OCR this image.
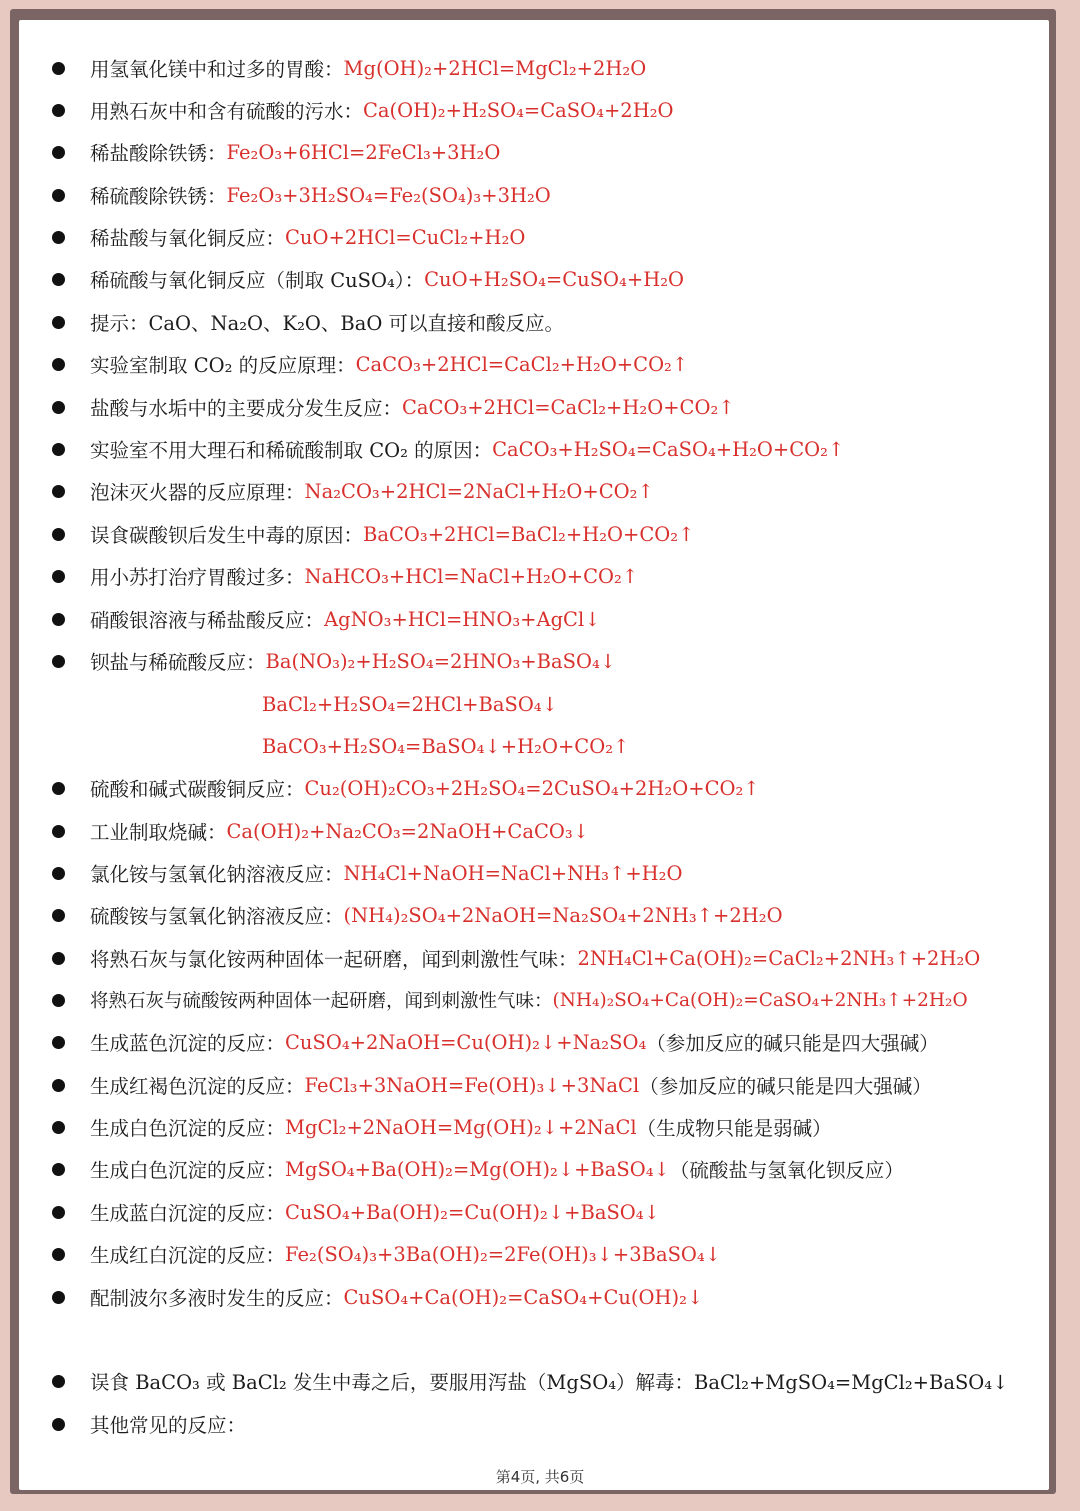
用氢氧化镁中和过多的胃酸： Mg(OH)₂+2HCl=MgCl₂+2H₂O
用熟石灰中和含有硫酸的污水： Ca(OH)₂+H₂SO₄=CaSO₄+2H₂O
稀盐酸除铁锈： Fe₂O₃+6HCl=2FeCl₃+3H₂O
稀硫酸除铁锈： Fe₂O₃+3H₂SO₄=Fe₂(SO₄)₃+3H₂O
稀盐酸与氧化铜反应： CuO+2HCl=CuCl₂+H₂O
稀硫酸与氧化铜反应（制取 CuSO₄）： CuO+H₂SO₄=CuSO₄+H₂O
提示：CaO、Na₂O、K₂O、BaO 可以直接和酸反应。
实验室制取 CO₂ 的反应原理： CaCO₃+2HCl=CaCl₂+H₂O+CO₂↑
盐酸与水垢中的主要成分发生反应： CaCO₃+2HCl=CaCl₂+H₂O+CO₂↑
实验室不用大理石和稀硫酸制取 CO₂ 的原因： CaCO₃+H₂SO₄=CaSO₄+H₂O+CO₂↑
泡沫灭火器的反应原理： Na₂CO₃+2HCl=2NaCl+H₂O+CO₂↑
误食碳酸钡后发生中毒的原因： BaCO₃+2HCl=BaCl₂+H₂O+CO₂↑
用小苏打治疗胃酸过多： NaHCO₃+HCl=NaCl+H₂O+CO₂↑
硝酸银溶液与稀盐酸反应： AgNO₃+HCl=HNO₃+AgCl↓
钡盐与稀硫酸反应： Ba(NO₃)₂+H₂SO₄=2HNO₃+BaSO₄↓
BaCl₂+H₂SO₄=2HCl+BaSO₄↓
BaCO₃+H₂SO₄=BaSO₄↓+H₂O+CO₂↑
硫酸和碱式碳酸铜反应： Cu₂(OH)₂CO₃+2H₂SO₄=2CuSO₄+2H₂O+CO₂↑
工业制取烧碱： Ca(OH)₂+Na₂CO₃=2NaOH+CaCO₃↓
氯化铵与氢氧化钠溶液反应： NH₄Cl+NaOH=NaCl+NH₃↑+H₂O
硫酸铵与氢氧化钠溶液反应： (NH₄)₂SO₄+2NaOH=Na₂SO₄+2NH₃↑+2H₂O
将熟石灰与氯化铵两种固体一起研磨，闻到刺激性气味： 2NH₄Cl+Ca(OH)₂=CaCl₂+2NH₃↑+2H₂O
将熟石灰与硫酸铵两种固体一起研磨，闻到刺激性气味： (NH₄)₂SO₄+Ca(OH)₂=CaSO₄+2NH₃↑+2H₂O
生成蓝色沉淀的反应： CuSO₄+2NaOH=Cu(OH)₂↓+Na₂SO₄ （参加反应的碱只能是四大强碱）
生成红褐色沉淀的反应： FeCl₃+3NaOH=Fe(OH)₃↓+3NaCl （参加反应的碱只能是四大强碱）
生成白色沉淀的反应： MgCl₂+2NaOH=Mg(OH)₂↓+2NaCl （生成物只能是弱碱）
生成白色沉淀的反应： MgSO₄+Ba(OH)₂=Mg(OH)₂↓+BaSO₄↓ （硫酸盐与氢氧化钡反应）
生成蓝白沉淀的反应： CuSO₄+Ba(OH)₂=Cu(OH)₂↓+BaSO₄↓
生成红白沉淀的反应： Fe₂(SO₄)₃+3Ba(OH)₂=2Fe(OH)₃↓+3BaSO₄↓
配制波尔多液时发生的反应： CuSO₄+Ca(OH)₂=CaSO₄+Cu(OH)₂↓
误食 BaCO₃ 或 BaCl₂ 发生中毒之后，要服用泻盐（MgSO₄）解毒：BaCl₂+MgSO₄=MgCl₂+BaSO₄↓
其他常见的反应：
第4页, 共6页
